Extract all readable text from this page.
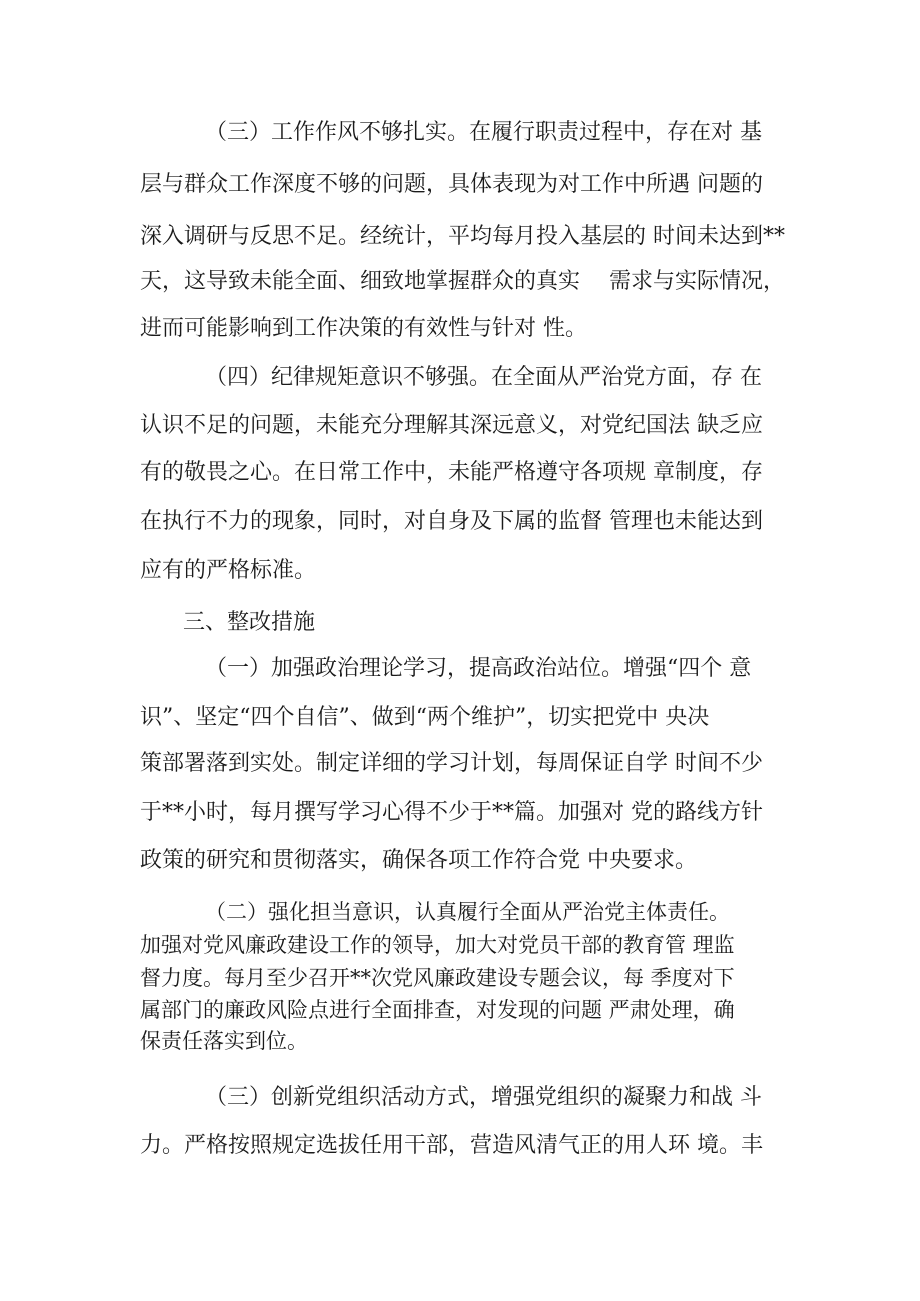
（三）工作作风不够扎实。在履行职责过程中，存在对 基
层与群众工作深度不够的问题，具体表现为对工作中所遇 问题的
深入调研与反思不足。经统计，平均每月投入基层的 时间未达到**
天，这导致未能全面、细致地掌握群众的真实　 需求与实际情况，
进而可能影响到工作决策的有效性与针对 性。
（四）纪律规矩意识不够强。在全面从严治党方面，存 在
认识不足的问题，未能充分理解其深远意义，对党纪国法 缺乏应
有的敬畏之心。在日常工作中，未能严格遵守各项规 章制度，存
在执行不力的现象，同时，对自身及下属的监督 管理也未能达到
应有的严格标准。
三、整改措施
（一）加强政治理论学习，提高政治站位。增强“四个 意
识”、坚定“四个自信”、做到“两个维护”，切实把党中 央决
策部署落到实处。制定详细的学习计划，每周保证自学 时间不少
于**小时，每月撰写学习心得不少于**篇。加强对 党的路线方针
政策的研究和贯彻落实，确保各项工作符合党 中央要求。
（二）强化担当意识，认真履行全面从严治党主体责任。
加强对党风廉政建设工作的领导，加大对党员干部的教育管 理监
督力度。每月至少召开**次党风廉政建设专题会议，每 季度对下
属部门的廉政风险点进行全面排查，对发现的问题 严肃处理，确
保责任落实到位。
（三）创新党组织活动方式，增强党组织的凝聚力和战 斗
力。严格按照规定选拔任用干部，营造风清气正的用人环 境。丰
